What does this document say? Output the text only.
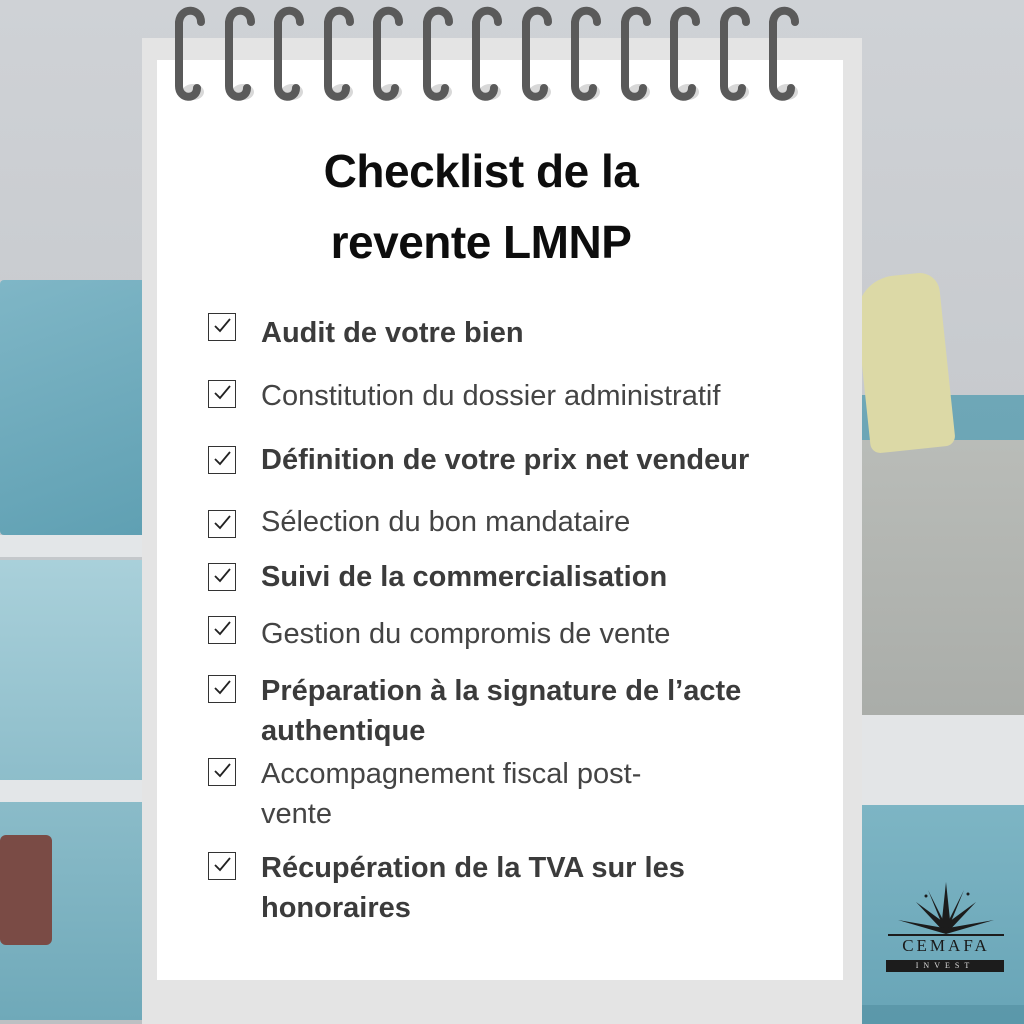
Checklist de la
revente LMNP
Audit de votre bien
Constitution du dossier administratif
Définition de votre prix net vendeur
Sélection du bon mandataire
Suivi de la commercialisation
Gestion du compromis de vente
Préparation à la signature de l’acte
authentique
Accompagnement fiscal post-
vente
Récupération de la TVA sur les
honoraires
CEMAFA
INVEST
